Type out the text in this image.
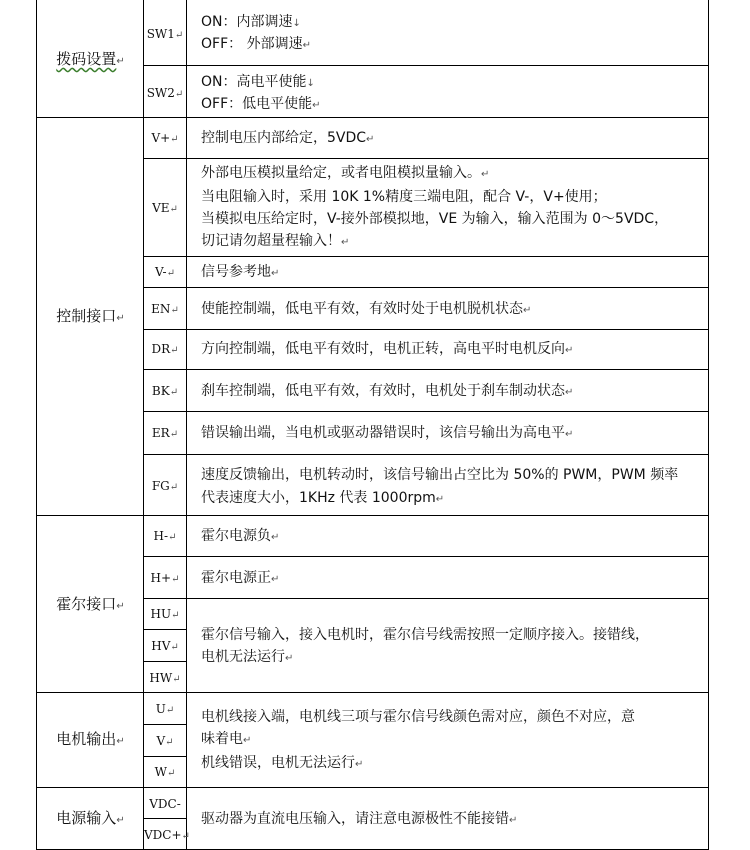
拨码设置↵
控制接口↵
霍尔接口↵
电机输出↵
电源输入↵
SW1↵
SW2↵
V+↵
VE↵
V-↵
EN↵
DR↵
BK↵
ER↵
FG↵
H-↵
H+↵
HU↵
HV↵
HW↵
U↵
V↵
W↵
VDC-
VDC+↵
ON：内部调速↓
OFF： 外部调速↵
ON：高电平使能↓
OFF：低电平使能↵
控制电压内部给定，5VDC↵
外部电压模拟量给定，或者电阻模拟量输入。↵
当电阻输入时，采用 10K 1%精度三端电阻，配合 V-，V+使用；
当模拟电压给定时，V-接外部模拟地，VE 为输入，输入范围为 0～5VDC，
切记请勿超量程输入！↵
信号参考地↵
使能控制端，低电平有效，有效时处于电机脱机状态↵
方向控制端，低电平有效时，电机正转，高电平时电机反向↵
刹车控制端，低电平有效，有效时，电机处于刹车制动状态↵
错误输出端，当电机或驱动器错误时，该信号输出为高电平↵
速度反馈输出，电机转动时，该信号输出占空比为 50%的 PWM，PWM 频率
代表速度大小，1KHz 代表 1000rpm↵
霍尔电源负↵
霍尔电源正↵
霍尔信号输入，接入电机时，霍尔信号线需按照一定顺序接入。接错线，
电机无法运行↵
电机线接入端，电机线三项与霍尔信号线颜色需对应，颜色不对应，意
味着电↵
机线错误，电机无法运行↵
驱动器为直流电压输入，请注意电源极性不能接错↵
